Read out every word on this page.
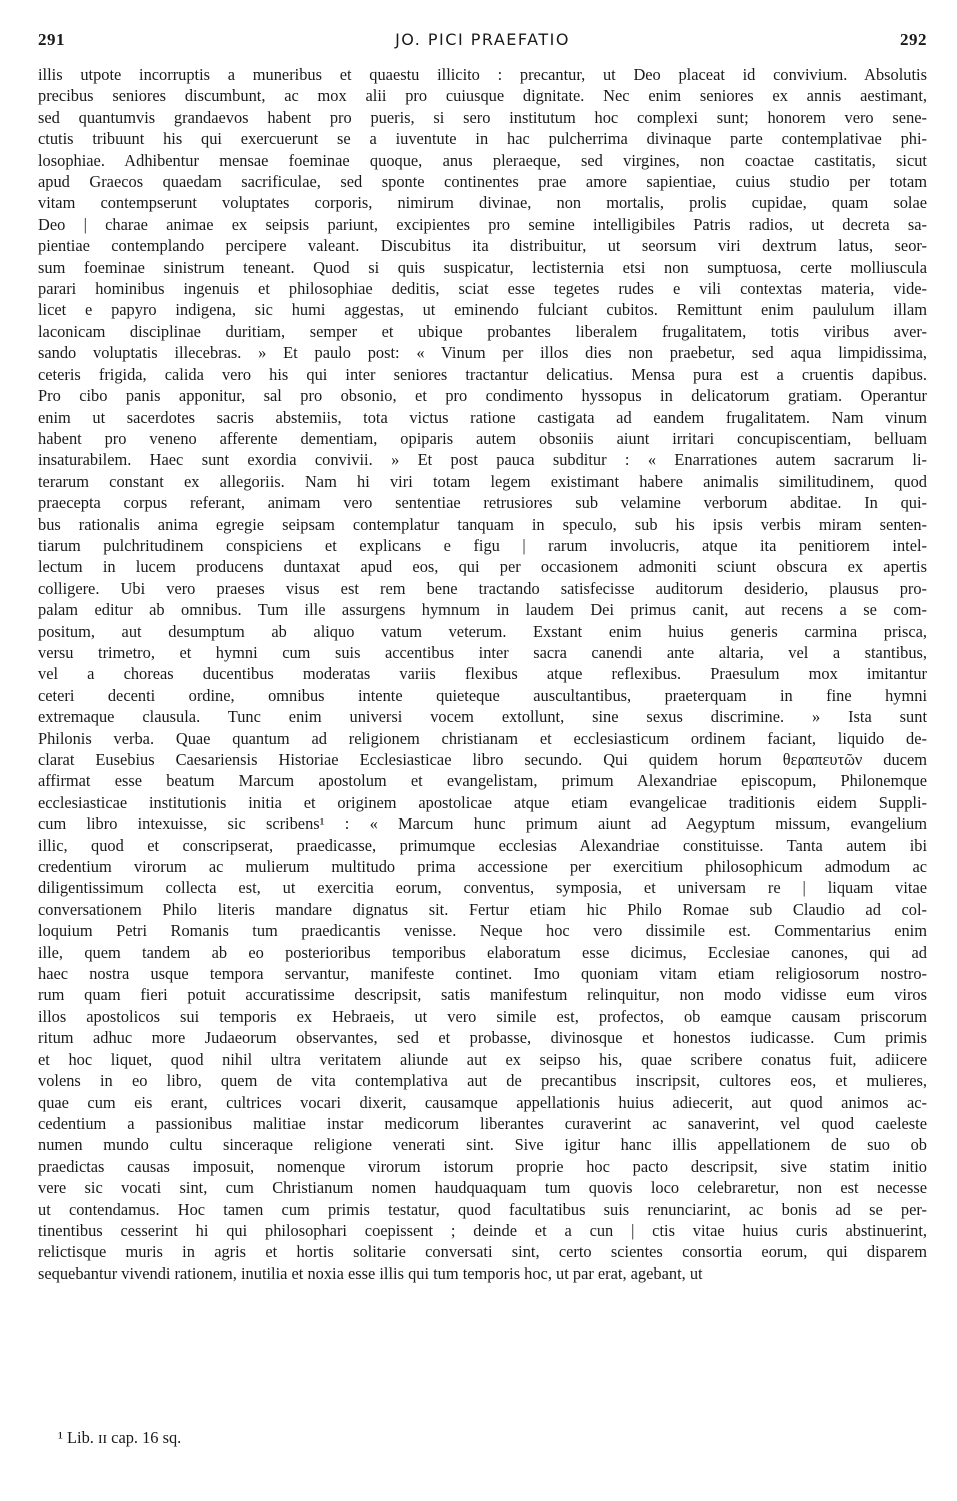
291	JO. PICI PRAEFATIO	292
illis utpote incorruptis a muneribus et quaestu illicito : precantur, ut Deo placeat id convivium. Absolutis
precibus seniores discumbunt, ac mox alii pro cuiusque dignitate. Nec enim seniores ex annis aestimant,
sed quantumvis grandaevos habent pro pueris, si sero institutum hoc complexi sunt; honorem vero sene-
ctutis tribuunt his qui exercuerunt se a iuventute in hac pulcherrima divinaque parte contemplativae phi-
losophiae. Adhibentur mensae foeminae quoque, anus pleraeque, sed virgines, non coactae castitatis, sicut
apud Graecos quaedam sacrificulae, sed sponte continentes prae amore sapientiae, cuius studio per totam
vitam contempserunt voluptates corporis, nimirum divinae, non mortalis, prolis cupidae, quam solae
Deo | charae animae ex seipsis pariunt, excipientes pro semine intelligibiles Patris radios, ut decreta sa-
pientiae contemplando percipere valeant. Discubitus ita distribuitur, ut seorsum viri dextrum latus, seor-
sum foeminae sinistrum teneant. Quod si quis suspicatur, lectisternia etsi non sumptuosa, certe molliuscula
parari hominibus ingenuis et philosophiae deditis, sciat esse tegetes rudes e vili contextas materia, vide-
licet e papyro indigena, sic humi aggestas, ut eminendo fulciant cubitos. Remittunt enim paululum illam
laconicam disciplinae duritiam, semper et ubique probantes liberalem frugalitatem, totis viribus aver-
sando voluptatis illecebras. » Et paulo post: « Vinum per illos dies non praebetur, sed aqua limpidissima,
ceteris frigida, calida vero his qui inter seniores tractantur delicatius. Mensa pura est a cruentis dapibus.
Pro cibo panis apponitur, sal pro obsonio, et pro condimento hyssopus in delicatorum gratiam. Operantur
enim ut sacerdotes sacris abstemiis, tota victus ratione castigata ad eandem frugalitatem. Nam vinum
habent pro veneno afferente dementiam, opiparis autem obsoniis aiunt irritari concupiscentiam, belluam
insaturabilem. Haec sunt exordia convivii. » Et post pauca subditur : « Enarrationes autem sacrarum li-
terarum constant ex allegoriis. Nam hi viri totam legem existimant habere animalis similitudinem, quod
praecepta corpus referant, animam vero sententiae retrusiores sub velamine verborum abditae. In qui-
bus rationalis anima egregie seipsam contemplatur tanquam in speculo, sub his ipsis verbis miram senten-
tiarum pulchritudinem conspiciens et explicans e figu | rarum involucris, atque ita penitiorem intel-
lectum in lucem producens duntaxat apud eos, qui per occasionem admoniti sciunt obscura ex apertis
colligere. Ubi vero praeses visus est rem bene tractando satisfecisse auditorum desiderio, plausus pro-
palam editur ab omnibus. Tum ille assurgens hymnum in laudem Dei primus canit, aut recens a se com-
positum, aut desumptum ab aliquo vatum veterum. Exstant enim huius generis carmina prisca,
versu trimetro, et hymni cum suis accentibus inter sacra canendi ante altaria, vel a stantibus,
vel a choreas ducentibus moderatas variis flexibus atque reflexibus. Praesulum mox imitantur
ceteri decenti ordine, omnibus intente quieteque auscultantibus, praeterquam in fine hymni
extremaque clausula. Tunc enim universi vocem extollunt, sine sexus discrimine. » Ista sunt
Philonis verba. Quae quantum ad religionem christianam et ecclesiasticum ordinem faciant, liquido de-
clarat Eusebius Caesariensis Historiae Ecclesiasticae libro secundo. Qui quidem horum θεραπευτῶν ducem
affirmat esse beatum Marcum apostolum et evangelistam, primum Alexandriae episcopum, Philonemque
ecclesiasticae institutionis initia et originem apostolicae atque etiam evangelicae traditionis eidem Suppli-
cum libro intexuisse, sic scribens¹ : « Marcum hunc primum aiunt ad Aegyptum missum, evangelium
illic, quod et conscripserat, praedicasse, primumque ecclesias Alexandriae constituisse. Tanta autem ibi
credentium virorum ac mulierum multitudo prima accessione per exercitium philosophicum admodum ac
diligentissimum collecta est, ut exercitia eorum, conventus, symposia, et universam re | liquam vitae
conversationem Philo literis mandare dignatus sit. Fertur etiam hic Philo Romae sub Claudio ad col-
loquium Petri Romanis tum praedicantis venisse. Neque hoc vero dissimile est. Commentarius enim
ille, quem tandem ab eo posterioribus temporibus elaboratum esse dicimus, Ecclesiae canones, qui ad
haec nostra usque tempora servantur, manifeste continet. Imo quoniam vitam etiam religiosorum nostro-
rum quam fieri potuit accuratissime descripsit, satis manifestum relinquitur, non modo vidisse eum viros
illos apostolicos sui temporis ex Hebraeis, ut vero simile est, profectos, ob eamque causam priscorum
ritum adhuc more Judaeorum observantes, sed et probasse, divinosque et honestos iudicasse. Cum primis
et hoc liquet, quod nihil ultra veritatem aliunde aut ex seipso his, quae scribere conatus fuit, adiicere
volens in eo libro, quem de vita contemplativa aut de precantibus inscripsit, cultores eos, et mulieres,
quae cum eis erant, cultrices vocari dixerit, causamque appellationis huius adiecerit, aut quod animos ac-
cedentium a passionibus malitiae instar medicorum liberantes curaverint ac sanaverint, vel quod caeleste
numen mundo cultu sinceraque religione venerati sint. Sive igitur hanc illis appellationem de suo ob
praedictas causas imposuit, nomenque virorum istorum proprie hoc pacto descripsit, sive statim initio
vere sic vocati sint, cum Christianum nomen haudquaquam tum quovis loco celebraretur, non est necesse
ut contendamus. Hoc tamen cum primis testatur, quod facultatibus suis renunciarint, ac bonis ad se per-
tinentibus cesserint hi qui philosophari coepissent ; deinde et a cun | ctis vitae huius curis abstinuerint,
relictisque muris in agris et hortis solitarie conversati sint, certo scientes consortia eorum, qui disparem
sequebantur vivendi rationem, inutilia et noxia esse illis qui tum temporis hoc, ut par erat, agebant, ut
¹ Lib. ɪɪ cap. 16 sq.
